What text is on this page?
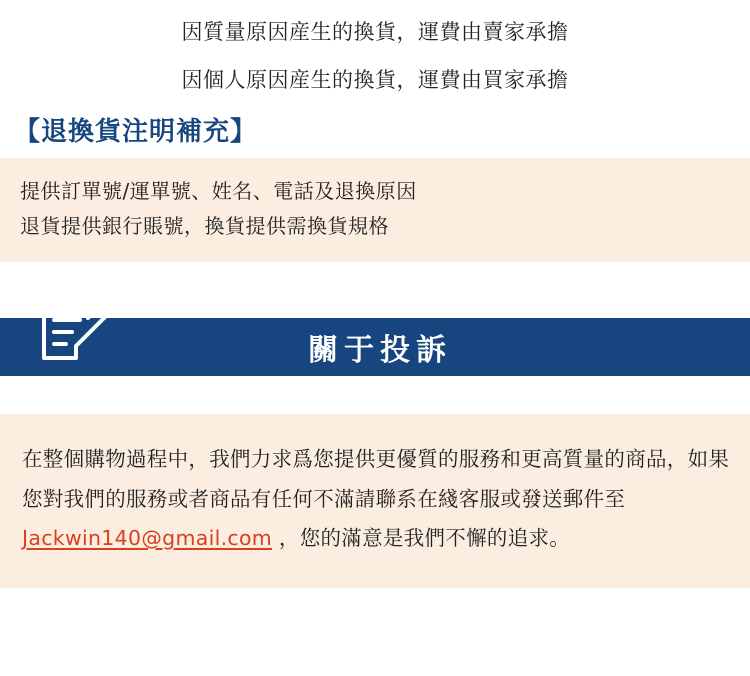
因質量原因産生的換貨，運費由賣家承擔

因個人原因産生的換貨，運費由買家承擔

【退換貨注明補充】
提供訂單號/運單號、姓名、電話及退換原因
退貨提供銀行賬號，換貨提供需換貨規格
關于投訴
在整個購物過程中，我們力求爲您提供更優質的服務和更高質量的商品，如果您對我們的服務或者商品有任何不滿請聯系在綫客服或發送郵件至 Jackwin140@gmail.com ，您的滿意是我們不懈的追求。
